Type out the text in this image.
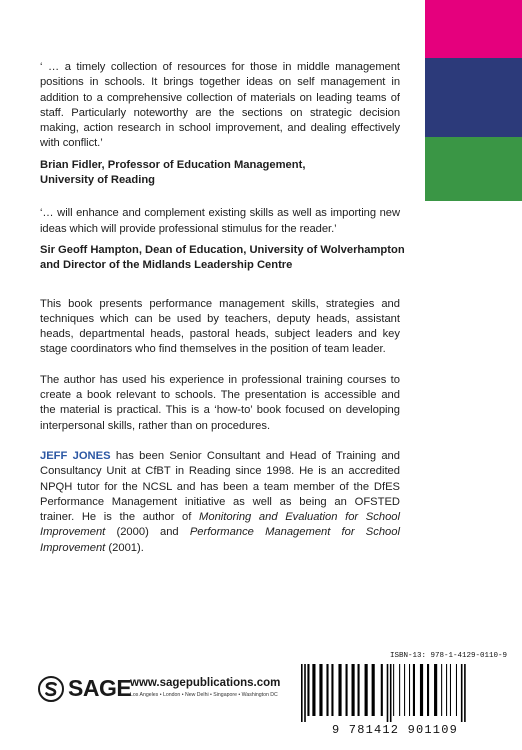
‘ … a timely collection of resources for those in middle management positions in schools. It brings together ideas on self management in addition to a comprehensive collection of materials on leading teams of staff. Particularly noteworthy are the sections on strategic decision making, action research in school improvement, and dealing effectively with conflict.’

Brian Fidler, Professor of Education Management,
University of Reading

‘… will enhance and complement existing skills as well as importing new ideas which will provide professional stimulus for the reader.’

Sir Geoff Hampton, Dean of Education, University of Wolverhampton
and Director of the Midlands Leadership Centre

This book presents performance management skills, strategies and techniques which can be used by teachers, deputy heads, assistant heads, departmental heads, pastoral heads, subject leaders and key stage coordinators who find themselves in the position of team leader.

The author has used his experience in professional training courses to create a book relevant to schools. The presentation is accessible and the material is practical. This is a ‘how-to’ book focused on developing interpersonal skills, rather than on procedures.

JEFF JONES has been Senior Consultant and Head of Training and Consultancy Unit at CfBT in Reading since 1998. He is an accredited NPQH tutor for the NCSL and has been a team member of the DfES Performance Management initiative as well as being an OFSTED trainer. He is the author of Monitoring and Evaluation for School Improvement (2000) and Performance Management for School Improvement (2001).

SAGE
www.sagepublications.com
Los Angeles • London • New Delhi • Singapore • Washington DC
ISBN-13: 978-1-4129-0110-9
9 781412 901109
